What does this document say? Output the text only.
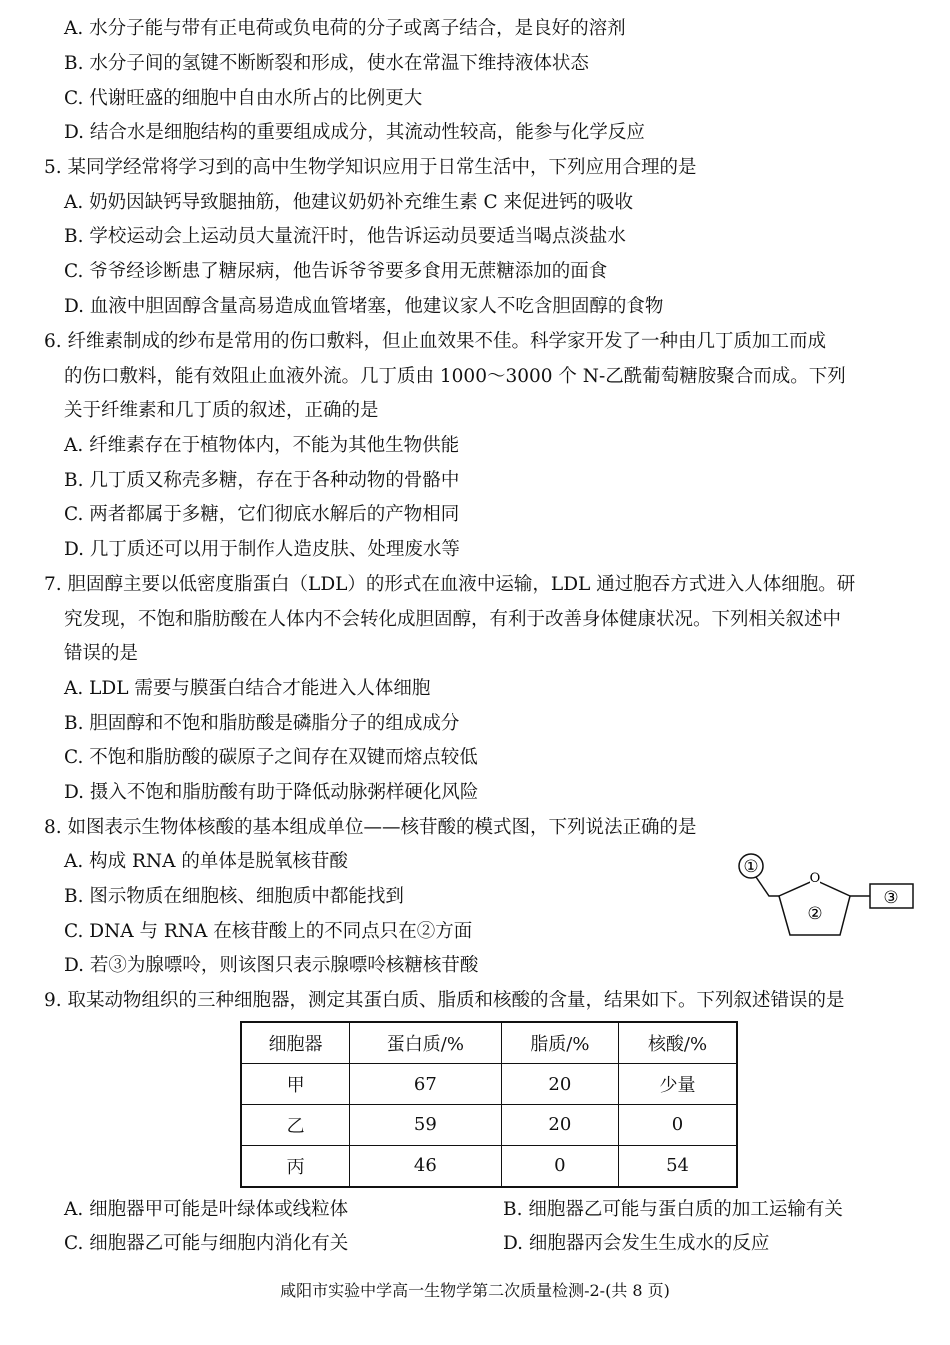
A. 水分子能与带有正电荷或负电荷的分子或离子结合，是良好的溶剂
B. 水分子间的氢键不断断裂和形成，使水在常温下维持液体状态
C. 代谢旺盛的细胞中自由水所占的比例更大
D. 结合水是细胞结构的重要组成成分，其流动性较高，能参与化学反应
5. 某同学经常将学习到的高中生物学知识应用于日常生活中，下列应用合理的是
A. 奶奶因缺钙导致腿抽筋，他建议奶奶补充维生素 C 来促进钙的吸收
B. 学校运动会上运动员大量流汗时，他告诉运动员要适当喝点淡盐水
C. 爷爷经诊断患了糖尿病，他告诉爷爷要多食用无蔗糖添加的面食
D. 血液中胆固醇含量高易造成血管堵塞，他建议家人不吃含胆固醇的食物
6. 纤维素制成的纱布是常用的伤口敷料，但止血效果不佳。科学家开发了一种由几丁质加工而成
的伤口敷料，能有效阻止血液外流。几丁质由 1000～3000 个 N-乙酰葡萄糖胺聚合而成。下列
关于纤维素和几丁质的叙述，正确的是
A. 纤维素存在于植物体内，不能为其他生物供能
B. 几丁质又称壳多糖，存在于各种动物的骨骼中
C. 两者都属于多糖，它们彻底水解后的产物相同
D. 几丁质还可以用于制作人造皮肤、处理废水等
7. 胆固醇主要以低密度脂蛋白（LDL）的形式在血液中运输，LDL 通过胞吞方式进入人体细胞。研
究发现，不饱和脂肪酸在人体内不会转化成胆固醇，有利于改善身体健康状况。下列相关叙述中
错误的是
A. LDL 需要与膜蛋白结合才能进入人体细胞
B. 胆固醇和不饱和脂肪酸是磷脂分子的组成成分
C. 不饱和脂肪酸的碳原子之间存在双键而熔点较低
D. 摄入不饱和脂肪酸有助于降低动脉粥样硬化风险
8. 如图表示生物体核酸的基本组成单位——核苷酸的模式图，下列说法正确的是
A. 构成 RNA 的单体是脱氧核苷酸
B. 图示物质在细胞核、细胞质中都能找到
C. DNA 与 RNA 在核苷酸上的不同点只在②方面
D. 若③为腺嘌呤，则该图只表示腺嘌呤核糖核苷酸
①
O
②
③
9. 取某动物组织的三种细胞器，测定其蛋白质、脂质和核酸的含量，结果如下。下列叙述错误的是
细胞器	蛋白质/%	脂质/%	核酸/%
甲	67	20	少量
乙	59	20	0
丙	46	0	54
A. 细胞器甲可能是叶绿体或线粒体	B. 细胞器乙可能与蛋白质的加工运输有关
C. 细胞器乙可能与细胞内消化有关	D. 细胞器丙会发生生成水的反应
咸阳市实验中学高一生物学第二次质量检测-2-(共 8 页)
